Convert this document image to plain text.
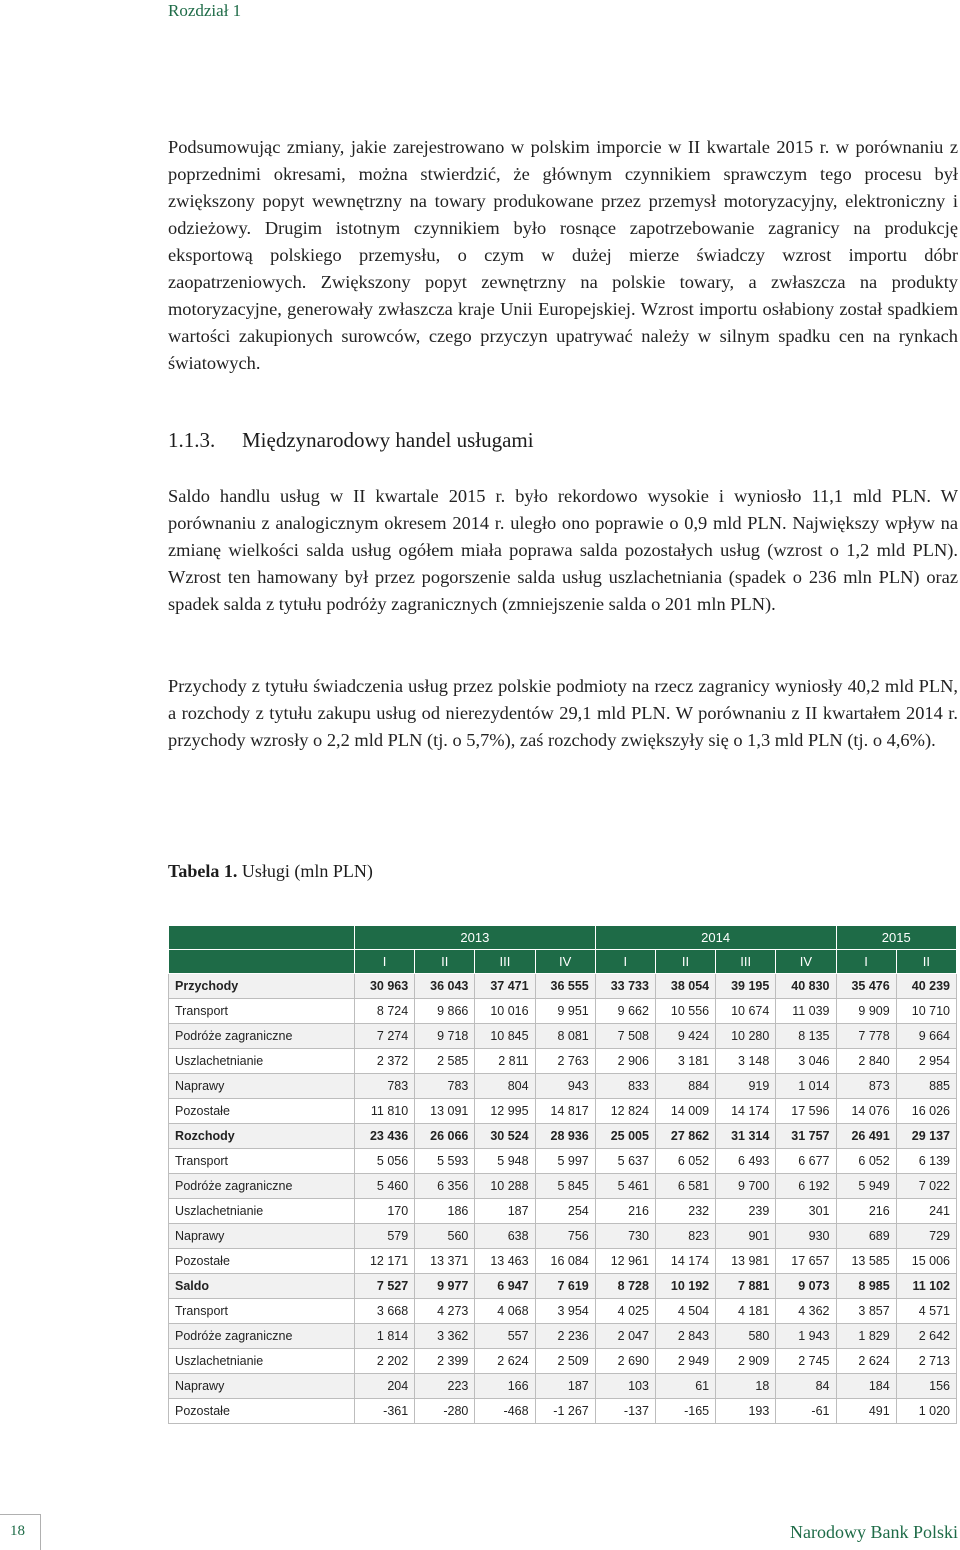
Rozdział 1

Podsumowując zmiany, jakie zarejestrowano w polskim imporcie w II kwartale 2015 r. w porównaniu z poprzednimi okresami, można stwierdzić, że głównym czynnikiem sprawczym tego procesu był zwiększony popyt wewnętrzny na towary produkowane przez przemysł motoryzacyjny, elektroniczny i odzieżowy. Drugim istotnym czynnikiem było rosnące zapotrzebowanie zagranicy na produkcję eksportową polskiego przemysłu, o czym w dużej mierze świadczy wzrost importu dóbr zaopatrzeniowych. Zwiększony popyt zewnętrzny na polskie towary, a zwłaszcza na produkty motoryzacyjne, generowały zwłaszcza kraje Unii Europejskiej. Wzrost importu osłabiony został spadkiem wartości zakupionych surowców, czego przyczyn upatrywać należy w silnym spadku cen na rynkach światowych.

1.1.3. Międzynarodowy handel usługami

Saldo handlu usług w II kwartale 2015 r. było rekordowo wysokie i wyniosło 11,1 mld PLN. W porównaniu z analogicznym okresem 2014 r. uległo ono poprawie o 0,9 mld PLN. Największy wpływ na zmianę wielkości salda usług ogółem miała poprawa salda pozostałych usług (wzrost o 1,2 mld PLN). Wzrost ten hamowany był przez pogorszenie salda usług uszlachetniania (spadek o 236 mln PLN) oraz spadek salda z tytułu podróży zagranicznych (zmniejszenie salda o 201 mln PLN).

Przychody z tytułu świadczenia usług przez polskie podmioty na rzecz zagranicy wyniosły 40,2 mld PLN, a rozchody z tytułu zakupu usług od nierezydentów 29,1 mld PLN. W porównaniu z II kwartałem 2014 r. przychody wzrosły o 2,2 mld PLN (tj. o 5,7%), zaś rozchody zwiększyły się o 1,3 mld PLN (tj. o 4,6%).

Tabela 1. Usługi (mln PLN)
	2013				2014				2015	
	I	II	III	IV	I	II	III	IV	I	II
Przychody	30 963	36 043	37 471	36 555	33 733	38 054	39 195	40 830	35 476	40 239
Transport	8 724	9 866	10 016	9 951	9 662	10 556	10 674	11 039	9 909	10 710
Podróże zagraniczne	7 274	9 718	10 845	8 081	7 508	9 424	10 280	8 135	7 778	9 664
Uszlachetnianie	2 372	2 585	2 811	2 763	2 906	3 181	3 148	3 046	2 840	2 954
Naprawy	783	783	804	943	833	884	919	1 014	873	885
Pozostałe	11 810	13 091	12 995	14 817	12 824	14 009	14 174	17 596	14 076	16 026
Rozchody	23 436	26 066	30 524	28 936	25 005	27 862	31 314	31 757	26 491	29 137
Transport	5 056	5 593	5 948	5 997	5 637	6 052	6 493	6 677	6 052	6 139
Podróże zagraniczne	5 460	6 356	10 288	5 845	5 461	6 581	9 700	6 192	5 949	7 022
Uszlachetnianie	170	186	187	254	216	232	239	301	216	241
Naprawy	579	560	638	756	730	823	901	930	689	729
Pozostałe	12 171	13 371	13 463	16 084	12 961	14 174	13 981	17 657	13 585	15 006
Saldo	7 527	9 977	6 947	7 619	8 728	10 192	7 881	9 073	8 985	11 102
Transport	3 668	4 273	4 068	3 954	4 025	4 504	4 181	4 362	3 857	4 571
Podróże zagraniczne	1 814	3 362	557	2 236	2 047	2 843	580	1 943	1 829	2 642
Uszlachetnianie	2 202	2 399	2 624	2 509	2 690	2 949	2 909	2 745	2 624	2 713
Naprawy	204	223	166	187	103	61	18	84	184	156
Pozostałe	-361	-280	-468	-1 267	-137	-165	193	-61	491	1 020
18	Narodowy Bank Polski
